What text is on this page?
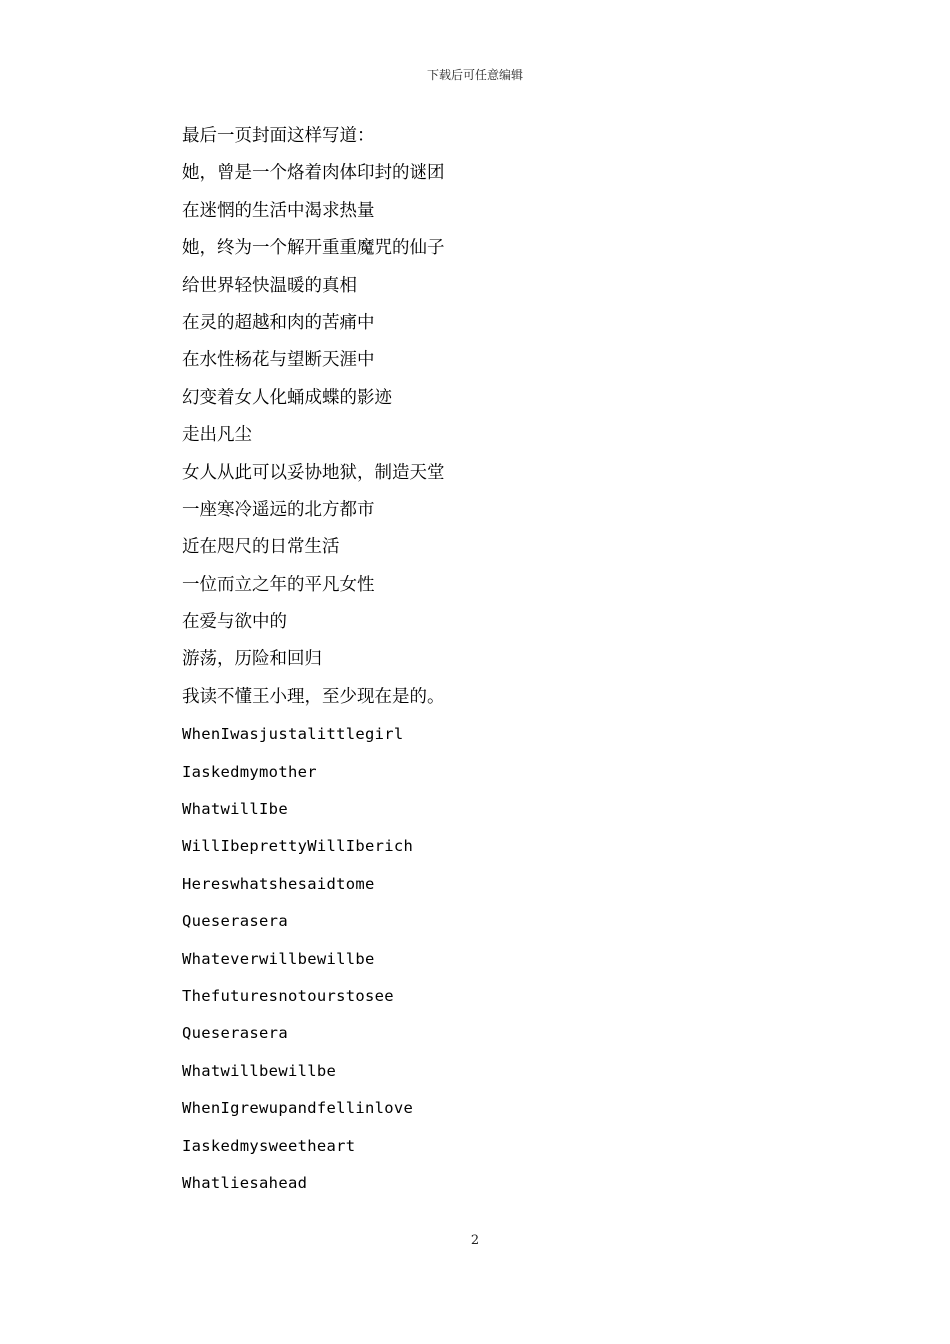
下载后可任意编辑
最后一页封面这样写道：
她，曾是一个烙着肉体印封的谜团
在迷惘的生活中渴求热量
她，终为一个解开重重魔咒的仙子
给世界轻快温暖的真相
在灵的超越和肉的苦痛中
在水性杨花与望断天涯中
幻变着女人化蛹成蝶的影迹
走出凡尘
女人从此可以妥协地狱，制造天堂
一座寒冷遥远的北方都市
近在咫尺的日常生活
一位而立之年的平凡女性
在爱与欲中的
游荡，历险和回归
我读不懂王小理，至少现在是的。
WhenIwasjustalittlegirl
Iaskedmymother
WhatwillIbe
WillIbeprettyWillIberich
Hereswhatshesaidtome
Queserasera
Whateverwillbewillbe
Thefuturesnotourstosee
Queserasera
Whatwillbewillbe
WhenIgrewupandfellinlove
Iaskedmysweetheart
Whatliesahead
2
